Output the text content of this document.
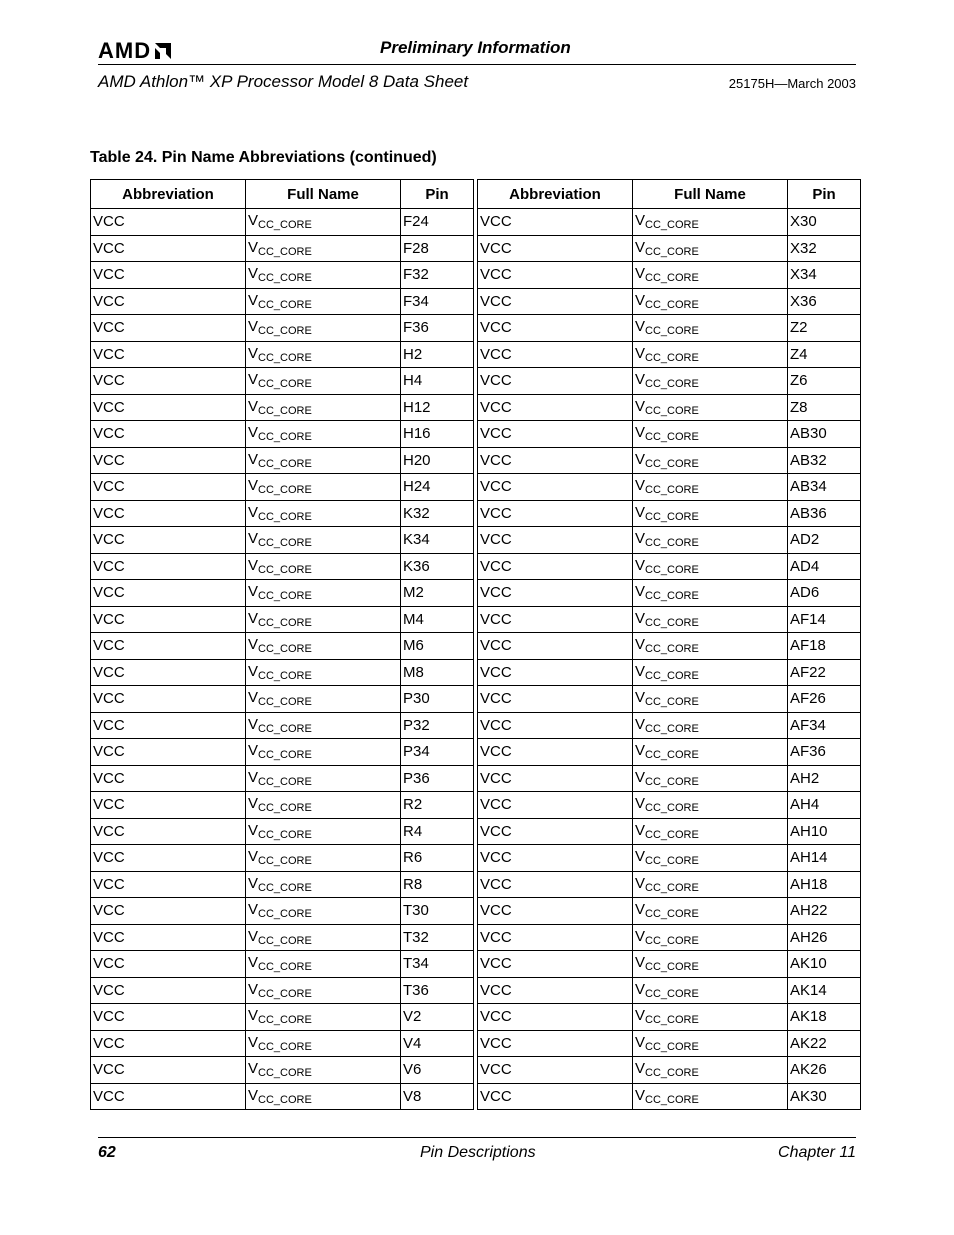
AMD	Preliminary Information
AMD Athlon™ XP Processor Model 8 Data Sheet	25175H—March 2003
Table 24. Pin Name Abbreviations (continued)
Abbreviation	Full Name	Pin
VCC	$V_{CC\_CORE}$	F24
VCC	$V_{CC\_CORE}$	F28
VCC	$V_{CC\_CORE}$	F32
VCC	$V_{CC\_CORE}$	F34
VCC	$V_{CC\_CORE}$	F36
VCC	$V_{CC\_CORE}$	H2
VCC	$V_{CC\_CORE}$	H4
VCC	$V_{CC\_CORE}$	H12
VCC	$V_{CC\_CORE}$	H16
VCC	$V_{CC\_CORE}$	H20
VCC	$V_{CC\_CORE}$	H24
VCC	$V_{CC\_CORE}$	K32
VCC	$V_{CC\_CORE}$	K34
VCC	$V_{CC\_CORE}$	K36
VCC	$V_{CC\_CORE}$	M2
VCC	$V_{CC\_CORE}$	M4
VCC	$V_{CC\_CORE}$	M6
VCC	$V_{CC\_CORE}$	M8
VCC	$V_{CC\_CORE}$	P30
VCC	$V_{CC\_CORE}$	P32
VCC	$V_{CC\_CORE}$	P34
VCC	$V_{CC\_CORE}$	P36
VCC	$V_{CC\_CORE}$	R2
VCC	$V_{CC\_CORE}$	R4
VCC	$V_{CC\_CORE}$	R6
VCC	$V_{CC\_CORE}$	R8
VCC	$V_{CC\_CORE}$	T30
VCC	$V_{CC\_CORE}$	T32
VCC	$V_{CC\_CORE}$	T34
VCC	$V_{CC\_CORE}$	T36
VCC	$V_{CC\_CORE}$	V2
VCC	$V_{CC\_CORE}$	V4
VCC	$V_{CC\_CORE}$	V6
VCC	$V_{CC\_CORE}$	V8
Abbreviation	Full Name	Pin
VCC	$V_{CC\_CORE}$	X30
VCC	$V_{CC\_CORE}$	X32
VCC	$V_{CC\_CORE}$	X34
VCC	$V_{CC\_CORE}$	X36
VCC	$V_{CC\_CORE}$	Z2
VCC	$V_{CC\_CORE}$	Z4
VCC	$V_{CC\_CORE}$	Z6
VCC	$V_{CC\_CORE}$	Z8
VCC	$V_{CC\_CORE}$	AB30
VCC	$V_{CC\_CORE}$	AB32
VCC	$V_{CC\_CORE}$	AB34
VCC	$V_{CC\_CORE}$	AB36
VCC	$V_{CC\_CORE}$	AD2
VCC	$V_{CC\_CORE}$	AD4
VCC	$V_{CC\_CORE}$	AD6
VCC	$V_{CC\_CORE}$	AF14
VCC	$V_{CC\_CORE}$	AF18
VCC	$V_{CC\_CORE}$	AF22
VCC	$V_{CC\_CORE}$	AF26
VCC	$V_{CC\_CORE}$	AF34
VCC	$V_{CC\_CORE}$	AF36
VCC	$V_{CC\_CORE}$	AH2
VCC	$V_{CC\_CORE}$	AH4
VCC	$V_{CC\_CORE}$	AH10
VCC	$V_{CC\_CORE}$	AH14
VCC	$V_{CC\_CORE}$	AH18
VCC	$V_{CC\_CORE}$	AH22
VCC	$V_{CC\_CORE}$	AH26
VCC	$V_{CC\_CORE}$	AK10
VCC	$V_{CC\_CORE}$	AK14
VCC	$V_{CC\_CORE}$	AK18
VCC	$V_{CC\_CORE}$	AK22
VCC	$V_{CC\_CORE}$	AK26
VCC	$V_{CC\_CORE}$	AK30
62	Pin Descriptions	Chapter 11
